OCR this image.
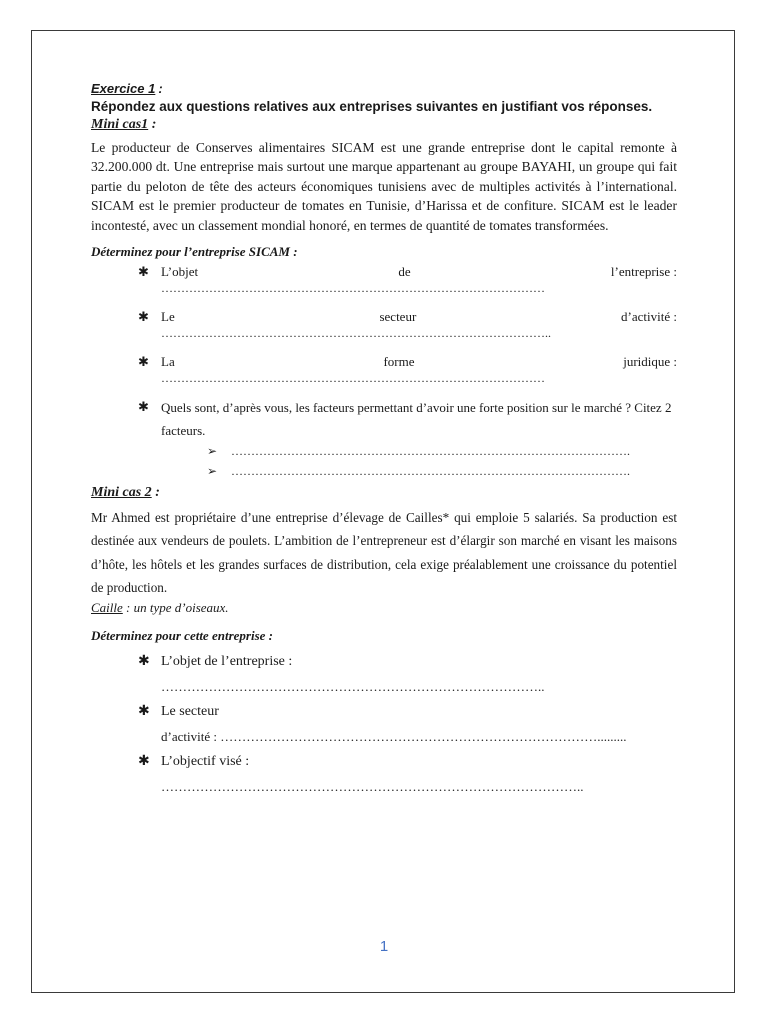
Exercice 1 :

Répondez aux questions relatives aux entreprises suivantes en justifiant vos réponses.

Mini cas1 :

Le producteur de Conserves alimentaires SICAM est une grande entreprise dont le capital remonte à 32.200.000 dt. Une entreprise mais surtout une marque appartenant au groupe BAYAHI, un groupe qui fait partie du peloton de tête des acteurs économiques tunisiens avec de multiples activités à l’international. SICAM est le premier producteur de tomates en Tunisie, d’Harissa et de confiture. SICAM est le leader incontesté, avec un classement mondial honoré, en termes de quantité de tomates transformées.

Déterminez pour l’entreprise SICAM :

✱ L’objet	de	l’entreprise :
……………………………………………………………………………………
✱ Le	secteur	d’activité :
……………………………………………………………………………………..
✱ La	forme	juridique :
……………………………………………………………………………………
✱ Quels sont, d’après vous, les facteurs permettant d’avoir une forte position sur le marché ? Citez 2 facteurs.
➢ ……………………………………………………………………………………….
➢ ……………………………………………………………………………………….

Mini cas 2 :

Mr Ahmed est propriétaire d’une entreprise d’élevage de Cailles* qui emploie 5 salariés. Sa production est destinée aux vendeurs de poulets. L’ambition de l’entrepreneur est d’élargir son marché en visant les maisons d’hôte, les hôtels et les grandes surfaces de distribution, cela exige préalablement une croissance du potentiel de production.

Caille : un type d’oiseaux.

Déterminez pour cette entreprise :

✱ L’objet de l’entreprise :
……………………………………………………………………………..
✱ Le secteur
d’activité : …………………………………………………………………………….........
✱ L’objectif visé :
……………………………………………………………………………………..
1
